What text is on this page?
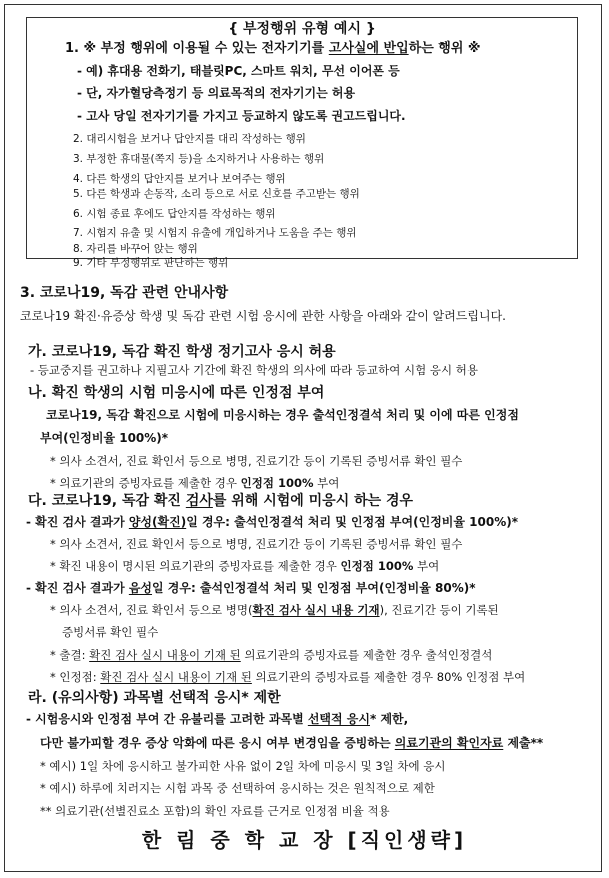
{ 부정행위 유형 예시 }
1. ※ 부정 행위에 이용될 수 있는 전자기기를 고사실에 반입하는 행위 ※
- 예) 휴대용 전화기, 태블릿PC, 스마트 워치, 무선 이어폰 등
- 단, 자가혈당측정기 등 의료목적의 전자기기는 허용
- 고사 당일 전자기기를 가지고 등교하지 않도록 권고드립니다.
2. 대리시험을 보거나 답안지를 대리 작성하는 행위
3. 부정한 휴대물(쪽지 등)을 소지하거나 사용하는 행위
4. 다른 학생의 답안지를 보거나 보여주는 행위
5. 다른 학생과 손동작, 소리 등으로 서로 신호를 주고받는 행위
6. 시험 종료 후에도 답안지를 작성하는 행위
7. 시험지 유출 및 시험지 유출에 개입하거나 도움을 주는 행위
8. 자리를 바꾸어 앉는 행위
9. 기타 부정행위로 판단하는 행위
3. 코로나19, 독감 관련 안내사항
코로나19 확진·유증상 학생 및 독감 관련 시험 응시에 관한 사항을 아래와 같이 알려드립니다.
가. 코로나19, 독감 확진 학생 정기고사 응시 허용
- 등교중지를 권고하나 지필고사 기간에 확진 학생의 의사에 따라 등교하여 시험 응시 허용
나. 확진 학생의 시험 미응시에 따른 인정점 부여
코로나19, 독감 확진으로 시험에 미응시하는 경우 출석인정결석 처리 및 이에 따른 인정점
부여(인정비율 100%)*
* 의사 소견서, 진료 확인서 등으로 병명, 진료기간 등이 기록된 증빙서류 확인 필수
* 의료기관의 증빙자료를 제출한 경우 인정점 100% 부여
다. 코로나19, 독감 확진 검사를 위해 시험에 미응시 하는 경우
- 확진 검사 결과가 양성(확진)일 경우: 출석인정결석 처리 및 인정점 부여(인정비율 100%)*
* 의사 소견서, 진료 확인서 등으로 병명, 진료기간 등이 기록된 증빙서류 확인 필수
* 확진 내용이 명시된 의료기관의 증빙자료를 제출한 경우 인정점 100% 부여
- 확진 검사 결과가 음성일 경우: 출석인정결석 처리 및 인정점 부여(인정비율 80%)*
* 의사 소견서, 진료 확인서 등으로 병명(확진 검사 실시 내용 기재), 진료기간 등이 기록된
증빙서류 확인 필수
* 출결: 확진 검사 실시 내용이 기재 된 의료기관의 증빙자료를 제출한 경우 출석인정결석
* 인정점: 확진 검사 실시 내용이 기재 된 의료기관의 증빙자료를 제출한 경우 80% 인정점 부여
라. (유의사항) 과목별 선택적 응시* 제한
- 시험응시와 인정점 부여 간 유불리를 고려한 과목별 선택적 응시* 제한,
다만 불가피할 경우 증상 악화에 따른 응시 여부 변경임을 증빙하는 의료기관의 확인자료 제출**
* 예시) 1일 차에 응시하고 불가피한 사유 없이 2일 차에 미응시 및 3일 차에 응시
* 예시) 하루에 치러지는 시험 과목 중 선택하여 응시하는 것은 원칙적으로 제한
** 의료기관(선별진료소 포함)의 확인 자료를 근거로 인정점 비율 적용
한 림 중 학 교 장 [직인생략]
